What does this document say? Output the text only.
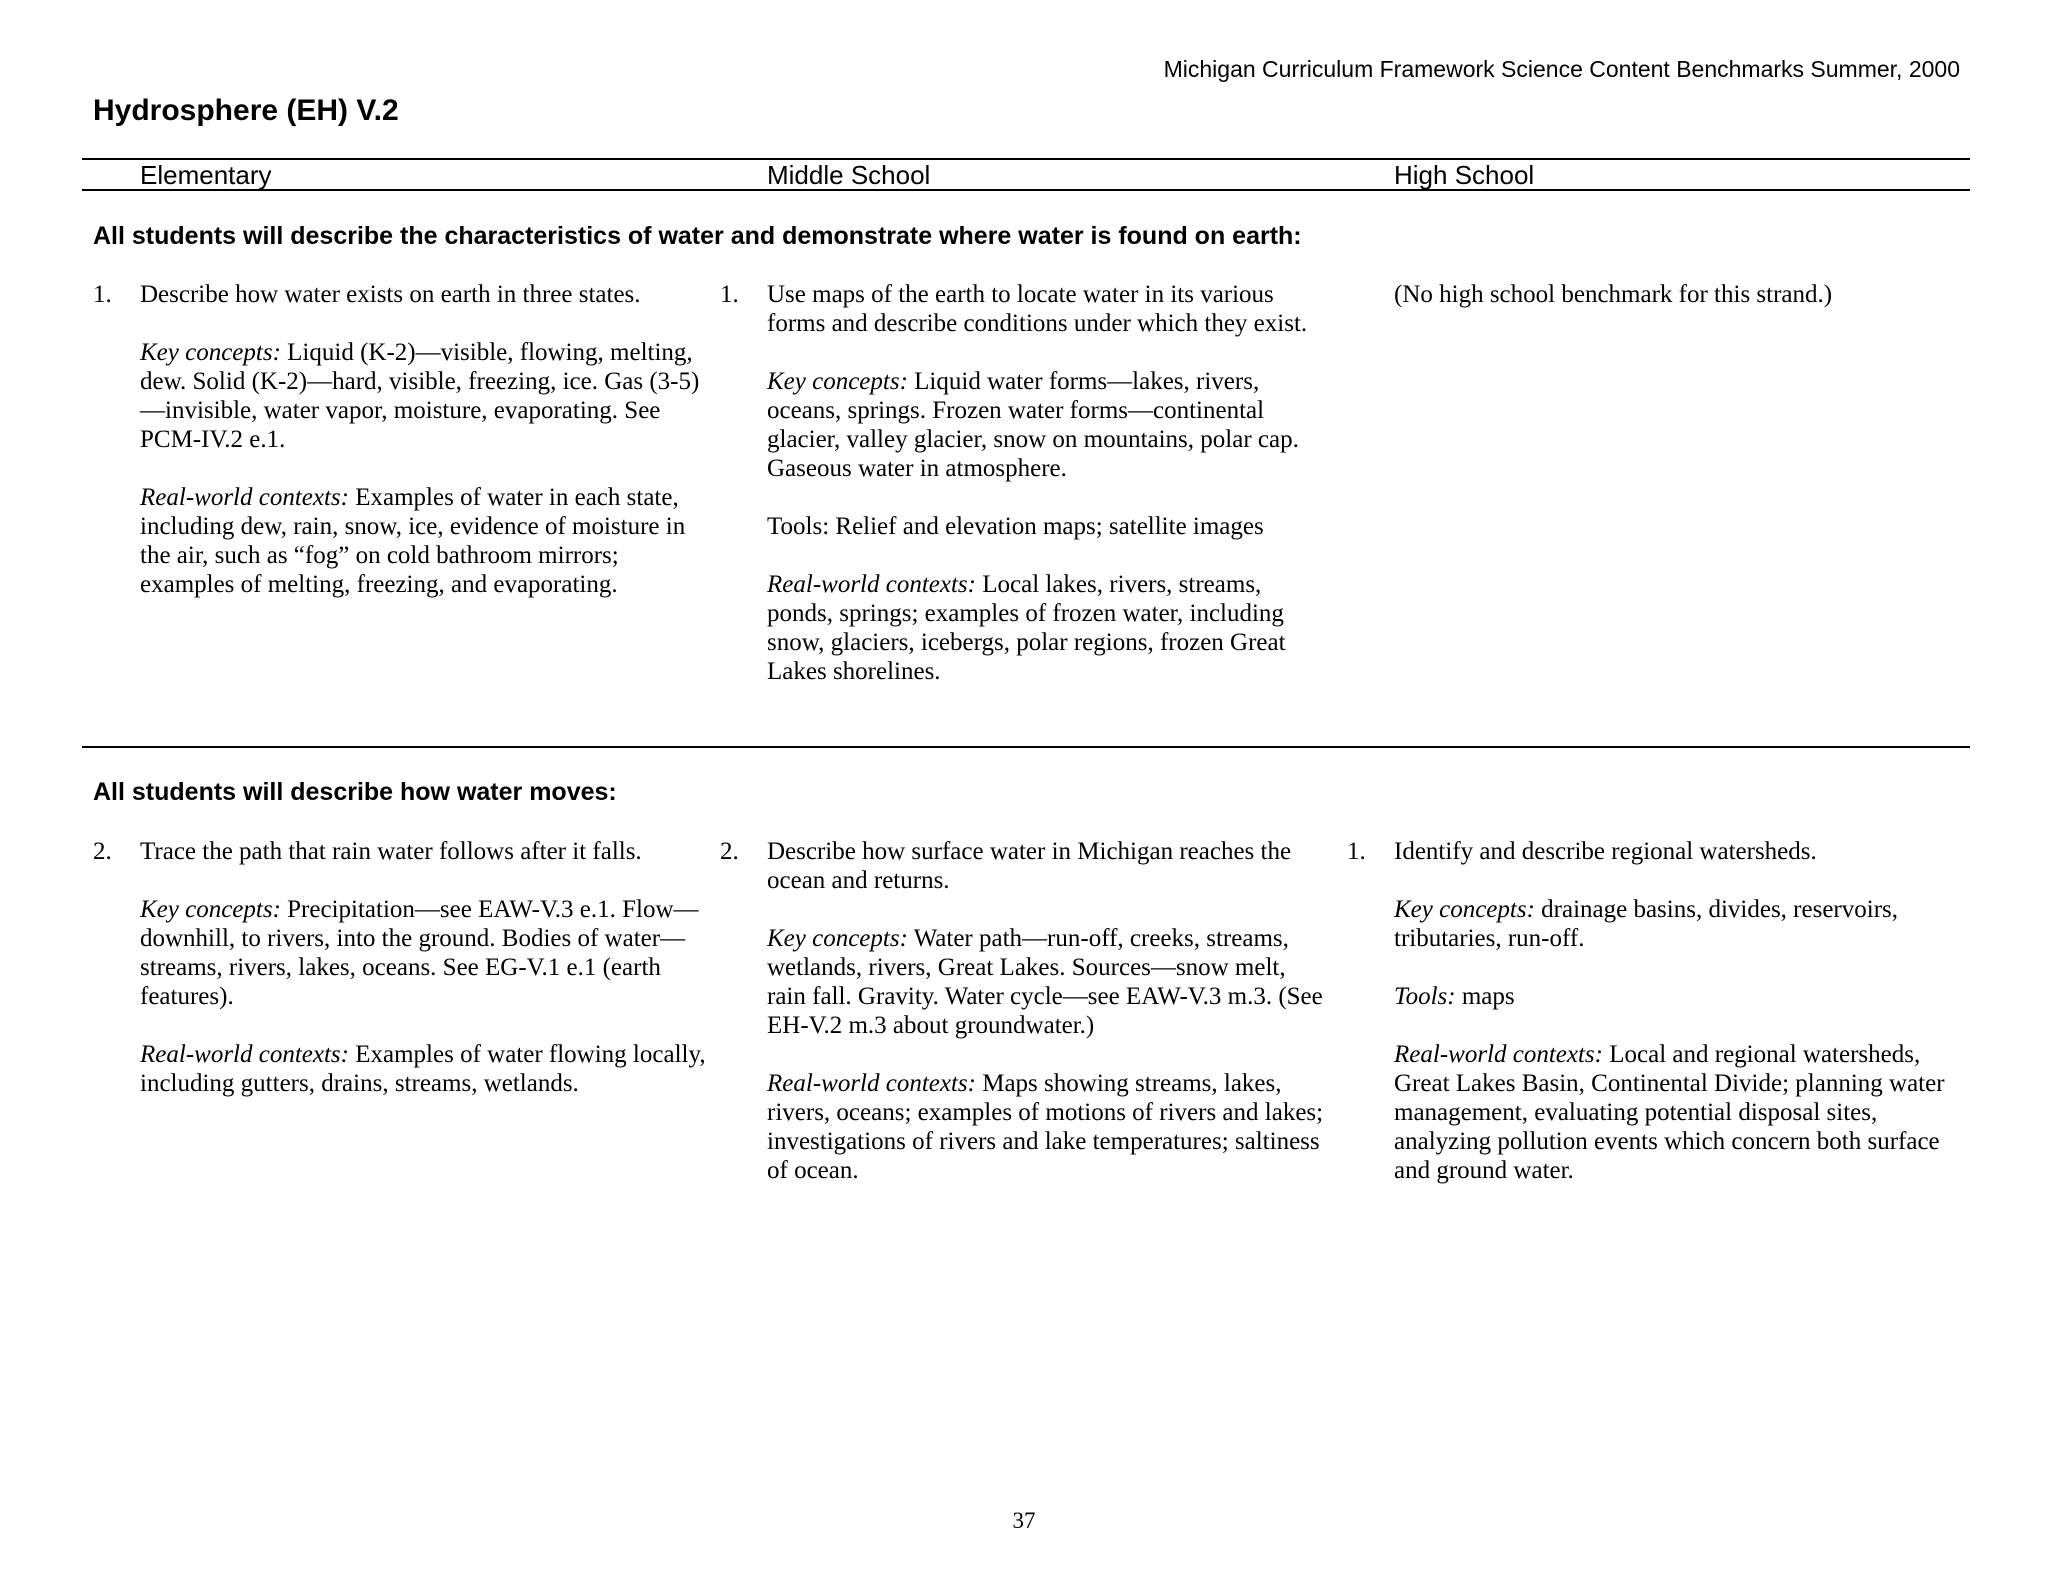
Michigan Curriculum Framework Science Content Benchmarks Summer, 2000
Hydrosphere (EH) V.2
Elementary	Middle School	High School
All students will describe the characteristics of water and demonstrate where water is found on earth:
1. Describe how water exists on earth in three states.

Key concepts: Liquid (K-2)—visible, flowing, melting, dew. Solid (K-2)—hard, visible, freezing, ice. Gas (3-5)—invisible, water vapor, moisture, evaporating. See PCM-IV.2 e.1.

Real-world contexts: Examples of water in each state, including dew, rain, snow, ice, evidence of moisture in the air, such as “fog” on cold bathroom mirrors; examples of melting, freezing, and evaporating.

1. Use maps of the earth to locate water in its various forms and describe conditions under which they exist.

Key concepts: Liquid water forms—lakes, rivers, oceans, springs. Frozen water forms—continental glacier, valley glacier, snow on mountains, polar cap. Gaseous water in atmosphere.

Tools: Relief and elevation maps; satellite images

Real-world contexts: Local lakes, rivers, streams, ponds, springs; examples of frozen water, including snow, glaciers, icebergs, polar regions, frozen Great Lakes shorelines.

(No high school benchmark for this strand.)
All students will describe how water moves:
2. Trace the path that rain water follows after it falls.

Key concepts: Precipitation—see EAW-V.3 e.1. Flow—downhill, to rivers, into the ground. Bodies of water—streams, rivers, lakes, oceans. See EG-V.1 e.1 (earth features).

Real-world contexts: Examples of water flowing locally, including gutters, drains, streams, wetlands.

2. Describe how surface water in Michigan reaches the ocean and returns.

Key concepts: Water path—run-off, creeks, streams, wetlands, rivers, Great Lakes. Sources—snow melt, rain fall. Gravity. Water cycle—see EAW-V.3 m.3. (See EH-V.2 m.3 about groundwater.)

Real-world contexts: Maps showing streams, lakes, rivers, oceans; examples of motions of rivers and lakes; investigations of rivers and lake temperatures; saltiness of ocean.

1. Identify and describe regional watersheds.

Key concepts: drainage basins, divides, reservoirs, tributaries, run-off.

Tools: maps

Real-world contexts: Local and regional watersheds, Great Lakes Basin, Continental Divide; planning water management, evaluating potential disposal sites, analyzing pollution events which concern both surface and ground water.

37
